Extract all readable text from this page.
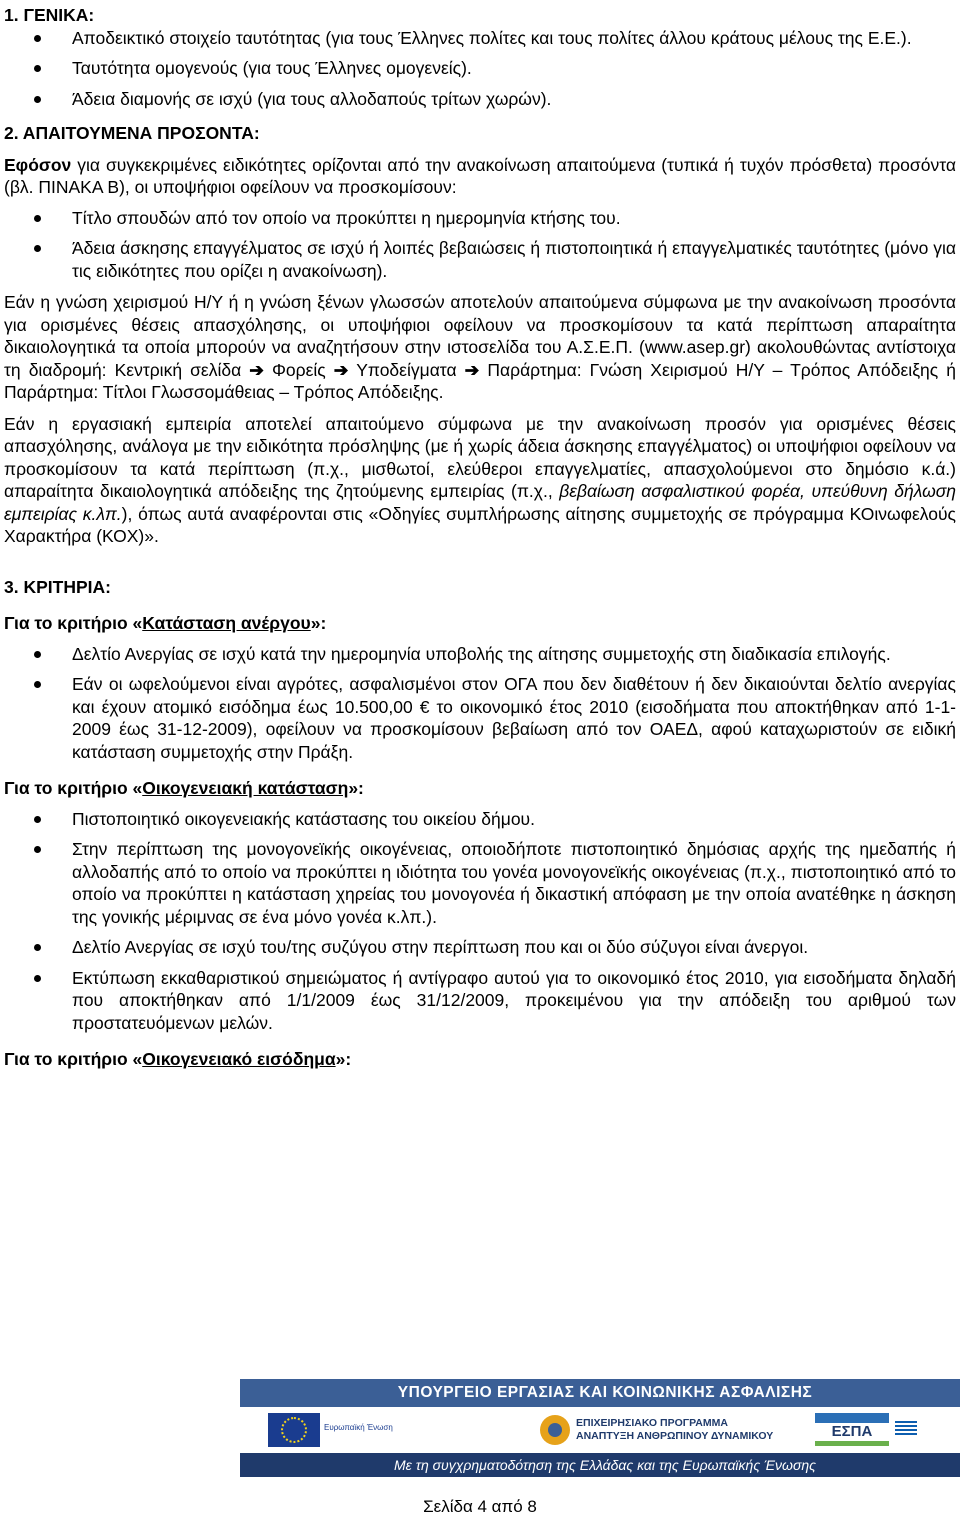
1. ΓΕΝΙΚΑ:

Αποδεικτικό στοιχείο ταυτότητας (για τους Έλληνες πολίτες και τους πολίτες άλλου κράτους μέλους της Ε.Ε.).
Ταυτότητα ομογενούς (για τους Έλληνες ομογενείς).
Άδεια διαμονής σε ισχύ (για τους αλλοδαπούς τρίτων χωρών).

2. ΑΠΑΙΤΟΥΜΕΝΑ ΠΡΟΣΟΝΤΑ:

Εφόσον για συγκεκριμένες ειδικότητες ορίζονται από την ανακοίνωση απαιτούμενα (τυπικά ή τυχόν πρόσθετα) προσόντα (βλ. ΠΙΝΑΚΑ Β), οι υποψήφιοι οφείλουν να προσκομίσουν:

Τίτλο σπουδών από τον οποίο να προκύπτει η ημερομηνία κτήσης του.
Άδεια άσκησης επαγγέλματος σε ισχύ ή λοιπές βεβαιώσεις ή πιστοποιητικά ή επαγγελματικές ταυτότητες (μόνο για τις ειδικότητες που ορίζει η ανακοίνωση).

Εάν η γνώση χειρισμού Η/Υ ή η γνώση ξένων γλωσσών αποτελούν απαιτούμενα σύμφωνα με την ανακοίνωση προσόντα για ορισμένες θέσεις απασχόλησης, οι υποψήφιοι οφείλουν να προσκομίσουν τα κατά περίπτωση απαραίτητα δικαιολογητικά τα οποία μπορούν να αναζητήσουν στην ιστοσελίδα του Α.Σ.Ε.Π. (www.asep.gr) ακολουθώντας αντίστοιχα τη διαδρομή: Κεντρική σελίδα ➔ Φορείς ➔ Υποδείγματα ➔ Παράρτημα: Γνώση Χειρισμού Η/Υ – Τρόπος Απόδειξης ή Παράρτημα: Τίτλοι Γλωσσομάθειας – Τρόπος Απόδειξης.

Εάν η εργασιακή εμπειρία αποτελεί απαιτούμενο σύμφωνα με την ανακοίνωση προσόν για ορισμένες θέσεις απασχόλησης, ανάλογα με την ειδικότητα πρόσληψης (με ή χωρίς άδεια άσκησης επαγγέλματος) οι υποψήφιοι οφείλουν να προσκομίσουν τα κατά περίπτωση (π.χ., μισθωτοί, ελεύθεροι επαγγελματίες, απασχολούμενοι στο δημόσιο κ.ά.) απαραίτητα δικαιολογητικά απόδειξης της ζητούμενης εμπειρίας (π.χ., βεβαίωση ασφαλιστικού φορέα, υπεύθυνη δήλωση εμπειρίας κ.λπ.), όπως αυτά αναφέρονται στις «Οδηγίες συμπλήρωσης αίτησης συμμετοχής σε πρόγραμμα ΚΟινωφελούς Χαρακτήρα (ΚΟΧ)».

3. ΚΡΙΤΗΡΙΑ:

Για το κριτήριο «Κατάσταση ανέργου»:

Δελτίο Ανεργίας σε ισχύ κατά την ημερομηνία υποβολής της αίτησης συμμετοχής στη διαδικασία επιλογής.
Εάν οι ωφελούμενοι είναι αγρότες, ασφαλισμένοι στον ΟΓΑ που δεν διαθέτουν ή δεν δικαιούνται δελτίο ανεργίας και έχουν ατομικό εισόδημα έως 10.500,00 € το οικονομικό έτος 2010 (εισοδήματα που αποκτήθηκαν από 1-1-2009 έως 31-12-2009), οφείλουν να προσκομίσουν βεβαίωση από τον ΟΑΕΔ, αφού καταχωριστούν σε ειδική κατάσταση συμμετοχής στην Πράξη.

Για το κριτήριο «Οικογενειακή κατάσταση»:

Πιστοποιητικό οικογενειακής κατάστασης του οικείου δήμου.
Στην περίπτωση της μονογονεϊκής οικογένειας, οποιοδήποτε πιστοποιητικό δημόσιας αρχής της ημεδαπής ή αλλοδαπής από το οποίο να προκύπτει η ιδιότητα του γονέα μονογονεϊκής οικογένειας (π.χ., πιστοποιητικό από το οποίο να προκύπτει η κατάσταση χηρείας του μονογονέα ή δικαστική απόφαση με την οποία ανατέθηκε η άσκηση της γονικής μέριμνας σε ένα μόνο γονέα κ.λπ.).
Δελτίο Ανεργίας σε ισχύ του/της συζύγου στην περίπτωση που και οι δύο σύζυγοι είναι άνεργοι.
Εκτύπωση εκκαθαριστικού σημειώματος ή αντίγραφο αυτού για το οικονομικό έτος 2010, για εισοδήματα δηλαδή που αποκτήθηκαν από 1/1/2009 έως 31/12/2009, προκειμένου για την απόδειξη του αριθμού των προστατευόμενων μελών.

Για το κριτήριο «Οικογενειακό εισόδημα»:

ΥΠΟΥΡΓΕΙΟ ΕΡΓΑΣΙΑΣ ΚΑΙ ΚΟΙΝΩΝΙΚΗΣ ΑΣΦΑΛΙΣΗΣ
Ευρωπαϊκή Ένωση	ΕΠΙΧΕΙΡΗΣΙΑΚΟ ΠΡΟΓΡΑΜΜΑ
ΑΝΑΠΤΥΞΗ ΑΝΘΡΩΠΙΝΟΥ ΔΥΝΑΜΙΚΟΥ	ΕΣΠΑ
Με τη συγχρηματοδότηση της Ελλάδας και της Ευρωπαϊκής Ένωσης
Σελίδα 4 από 8
